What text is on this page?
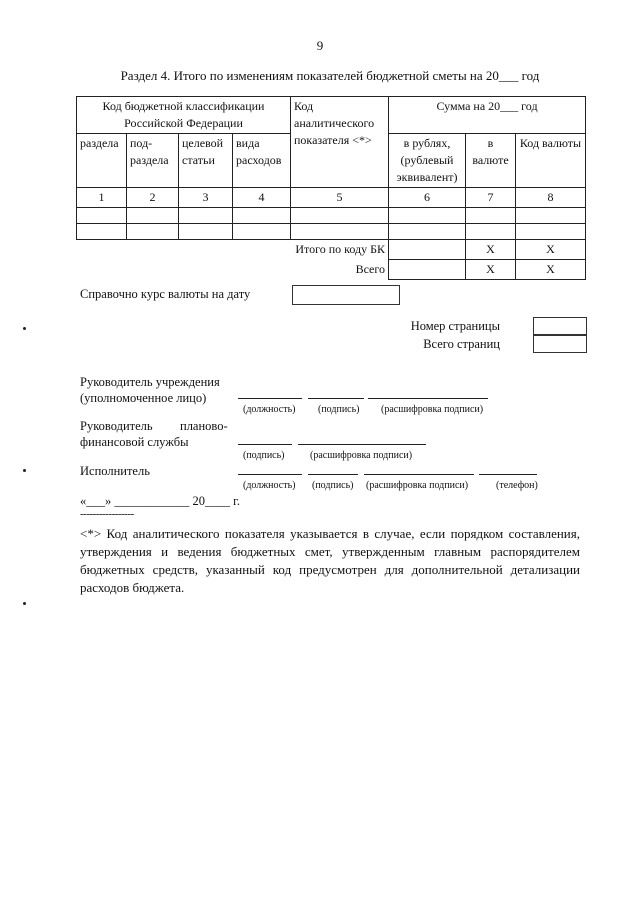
9
Раздел 4. Итого по изменениям показателей бюджетной сметы на 20___ год
Код бюджетной классификации Российской Федерации				Код аналитического показателя <*>	Сумма на 20___ год		
раздела	под-раздела	целевой статьи	вида расходов		в рублях, (рублевый эквивалент)	в валюте	Код валюты
1	2	3	4	5	6	7	8

Итого по коду БК						X	X
Всего						X	X
Справочно курс валюты на дату
Номер страницы
Всего страниц
Руководитель учреждения (уполномоченное лицо)
(должность) (подпись) (расшифровка подписи)
Руководитель планово-
финансовой службы
(подпись)	(расшифровка подписи)
Исполнитель
(должность) (подпись) (расшифровка подписи)	(телефон)
«___» ____________ 20____ г.
-----------------
<*> Код аналитического показателя указывается в случае, если порядком составления, утверждения и ведения бюджетных смет, утвержденным главным распорядителем бюджетных средств, указанный код предусмотрен для дополнительной детализации расходов бюджета.
